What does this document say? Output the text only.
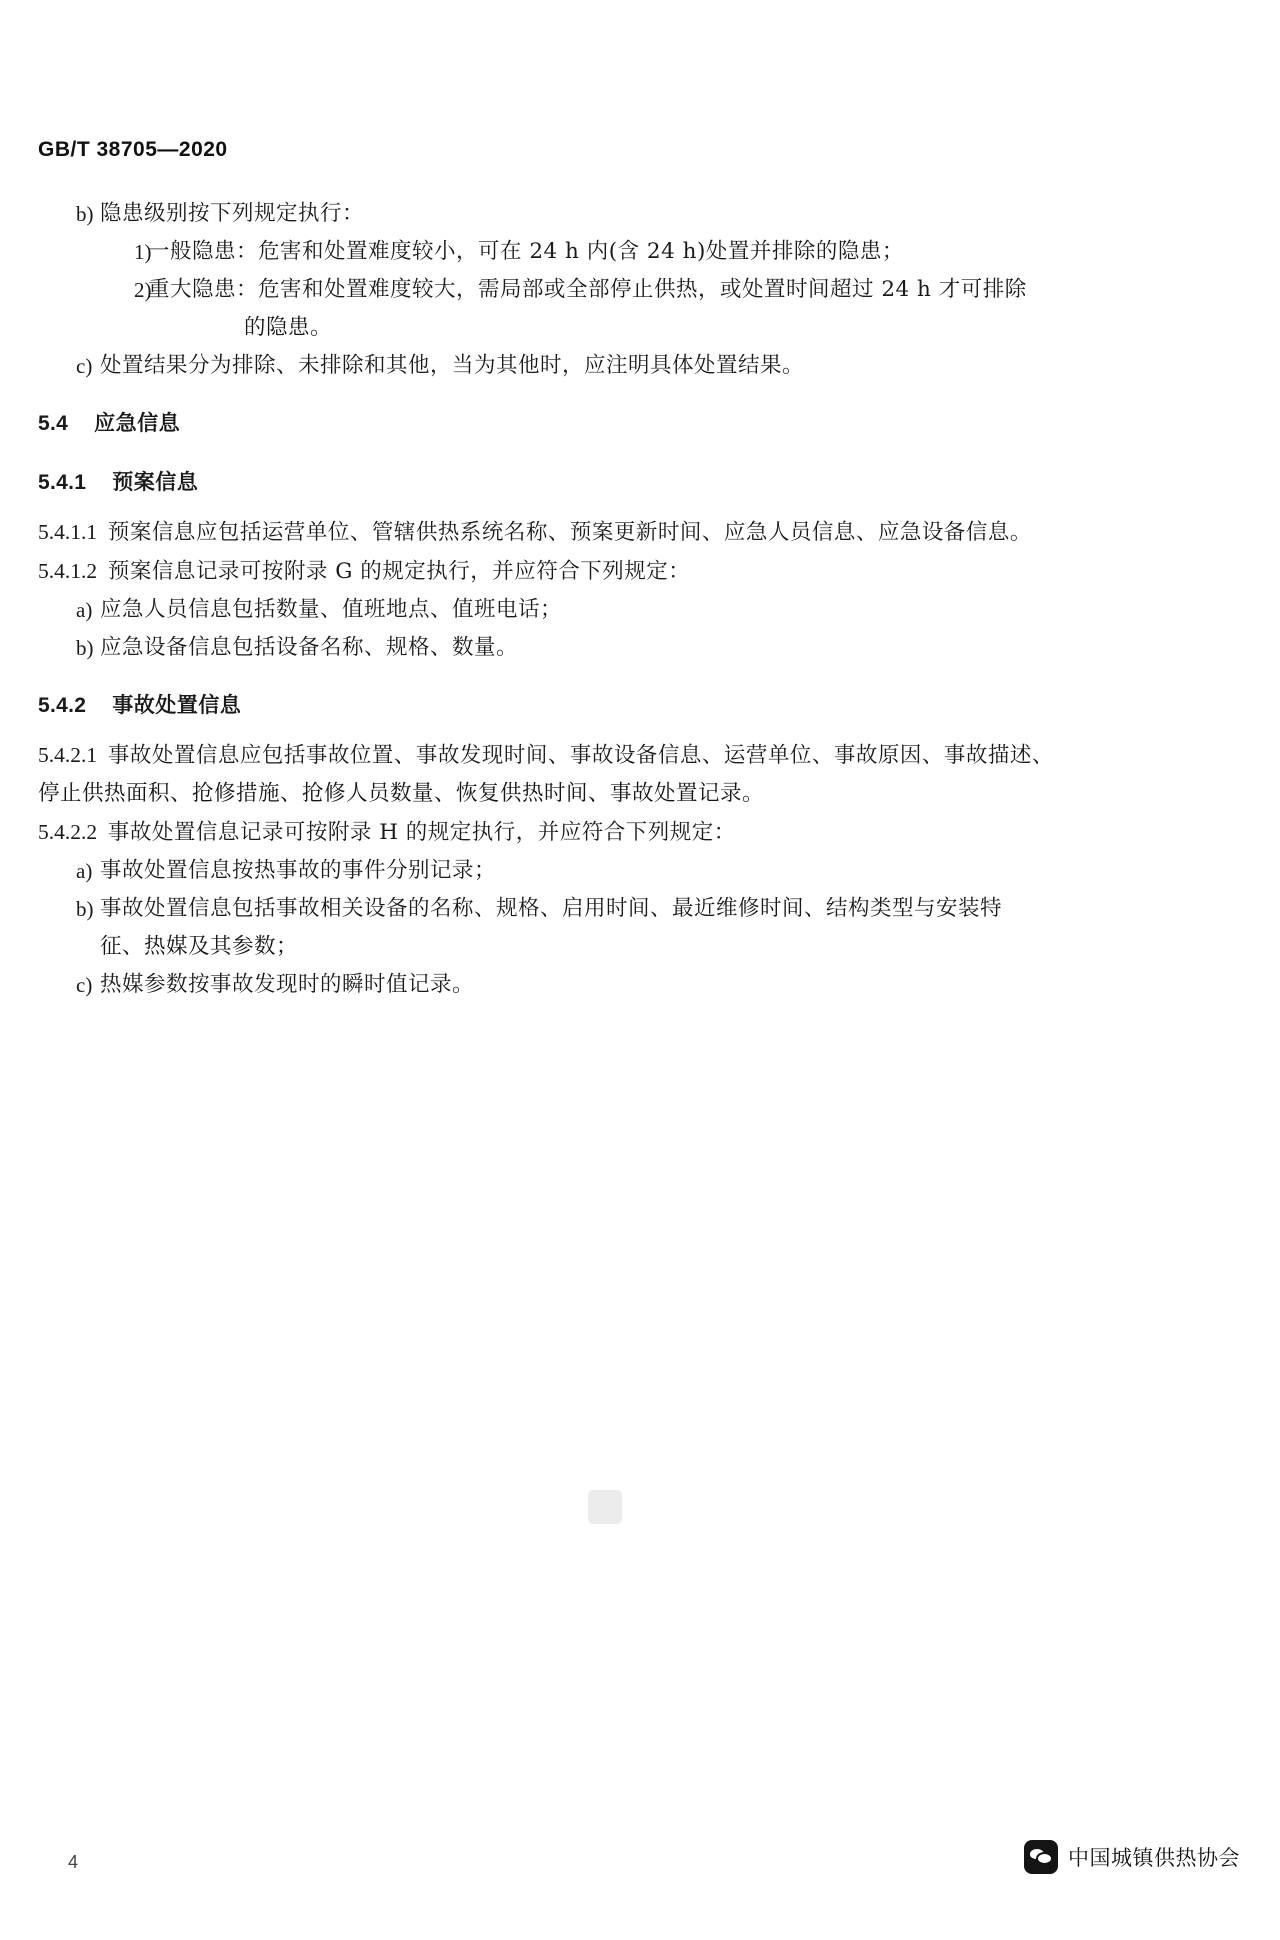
GB/T 38705—2020
b) 隐患级别按下列规定执行：
1)
一般隐患：危害和处置难度较小，可在 24 h 内(含 24 h)处置并排除的隐患；
2)
重大隐患：危害和处置难度较大，需局部或全部停止供热，或处置时间超过 24 h 才可排除
的隐患。
c) 处置结果分为排除、未排除和其他，当为其他时，应注明具体处置结果。
5.4 应急信息
5.4.1 预案信息
5.4.1.1 预案信息应包括运营单位、管辖供热系统名称、预案更新时间、应急人员信息、应急设备信息。
5.4.1.2 预案信息记录可按附录 G 的规定执行，并应符合下列规定：
a) 应急人员信息包括数量、值班地点、值班电话；
b) 应急设备信息包括设备名称、规格、数量。
5.4.2 事故处置信息
5.4.2.1 事故处置信息应包括事故位置、事故发现时间、事故设备信息、运营单位、事故原因、事故描述、
停止供热面积、抢修措施、抢修人员数量、恢复供热时间、事故处置记录。
5.4.2.2 事故处置信息记录可按附录 H 的规定执行，并应符合下列规定：
a) 事故处置信息按热事故的事件分别记录；
b) 事故处置信息包括事故相关设备的名称、规格、启用时间、最近维修时间、结构类型与安装特
征、热媒及其参数；
c) 热媒参数按事故发现时的瞬时值记录。
4	中国城镇供热协会
